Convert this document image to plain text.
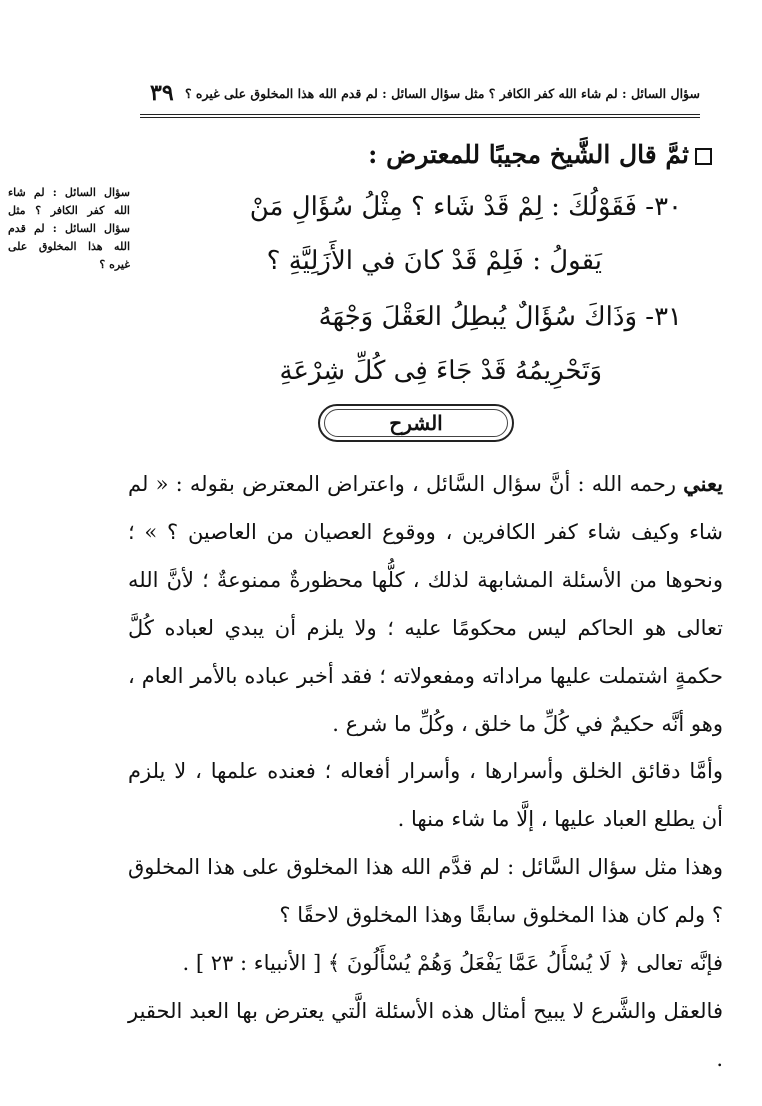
٣٩ سؤال السائل : لم شاء الله كفر الكافر ؟ مثل سؤال السائل : لم قدم الله هذا المخلوق على غيره ؟
سؤال السائل : لم شاء الله كفر الكافر ؟ مثل سؤال السائل : لم قدم الله هذا المخلوق على غيره ؟
ثمَّ قال الشَّيخ مجيبًا للمعترض :
٣٠- فَقَوْلُكَ : لِمْ قَدْ شَاء ؟ مِثْلُ سُؤَالِ مَنْ
يَقولُ : فَلِمْ قَدْ كانَ في الأَزَلِيَّةِ ؟
٣١- وَذَاكَ سُؤَالٌ يُبطِلُ العَقْلَ وَجْهَهُ
وَتَحْرِيمُهُ قَدْ جَاءَ فِى كُلِّ شِرْعَةِ
الشرح
يعني رحمه الله : أنَّ سؤال السَّائل ، واعتراض المعترض بقوله : « لم شاء وكيف شاء كفر الكافرين ، ووقوع العصيان من العاصين ؟ » ؛ ونحوها من الأسئلة المشابهة لذلك ، كلُّها محظورةٌ ممنوعةٌ ؛ لأنَّ الله تعالى هو الحاكم ليس محكومًا عليه ؛ ولا يلزم أن يبدي لعباده كُلَّ حكمةٍ اشتملت عليها مراداته ومفعولاته ؛ فقد أخبر عباده بالأمر العام ، وهو أنَّه حكيمٌ في كُلِّ ما خلق ، وكُلِّ ما شرع .
وأمَّا دقائق الخلق وأسرارها ، وأسرار أفعاله ؛ فعنده علمها ، لا يلزم أن يطلع العباد عليها ، إلَّا ما شاء منها .
وهذا مثل سؤال السَّائل : لم قدَّم الله هذا المخلوق على هذا المخلوق ؟ ولم كان هذا المخلوق سابقًا وهذا المخلوق لاحقًا ؟
فإنَّه تعالى ﴿ لَا يُسْأَلُ عَمَّا يَفْعَلُ وَهُمْ يُسْأَلُونَ ﴾ [ الأنبياء : ٢٣ ] .
فالعقل والشَّرع لا يبيح أمثال هذه الأسئلة الَّتي يعترض بها العبد الحقير .
